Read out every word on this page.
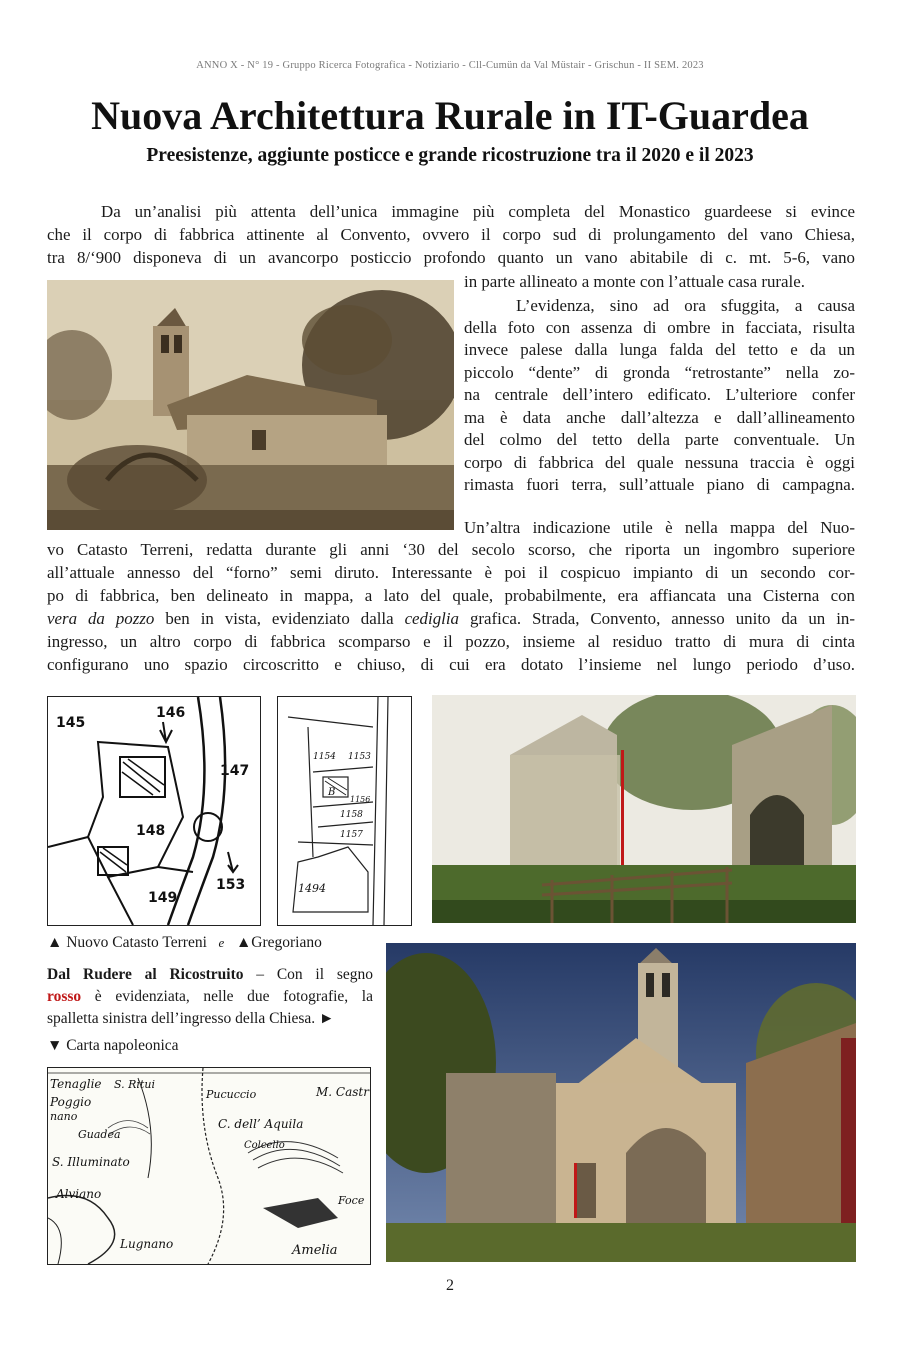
ANNO X - N° 19 - Gruppo Ricerca Fotografica - Notiziario - Cll-Cumün da Val Müstair - Grischun - II SEM. 2023
Nuova Architettura Rurale in IT-Guardea
Preesistenze, aggiunte posticce e grande ricostruzione tra il 2020 e il 2023
Da un’analisi più attenta dell’unica immagine più completa del Monastico guardeese si evince
che il corpo di fabbrica attinente al Convento, ovvero il corpo sud di prolungamento del vano Chiesa,
tra 8/‘900 disponeva di un avancorpo posticcio profondo quanto un vano abitabile di c. mt. 5-6, vano
in parte allineato a monte con l’attuale casa rurale.
L’evidenza, sino ad ora sfuggita, a causa
della foto con assenza di ombre in facciata, risulta
invece palese dalla lunga falda del tetto e da un
piccolo “dente” di gronda “retrostante” nella zo-
na centrale dell’intero edificato. L’ulteriore confer
ma è data anche dall’altezza e dall’allineamento
del colmo del tetto della parte conventuale. Un
corpo di fabbrica del quale nessuna traccia è oggi
rimasta fuori terra, sull’attuale piano di campagna.
Un’altra indicazione utile è nella mappa del Nuo-
vo Catasto Terreni, redatta durante gli anni ‘30 del secolo scorso, che riporta un ingombro superiore
all’attuale annesso del “forno” semi diruto. Interessante è poi il cospicuo impianto di un secondo cor-
po di fabbrica, ben delineato in mappa, a lato del quale, probabilmente, era affiancata una Cisterna con
vera da pozzo ben in vista, evidenziato dalla cediglia grafica. Strada, Convento, annesso unito da un in-
ingresso, un altro corpo di fabbrica scomparso e il pozzo, insieme al residuo tratto di mura di cinta
configurano uno spazio circoscritto e chiuso, di cui era dotato l’insieme nel lungo periodo d’uso.
145
146
147
148
149
153
1154 1153
1156
1158
1157
1494
B
▲ Nuovo Catasto Terreni e ▲Gregoriano
Dal Rudere al Ricostruito – Con il segno
rosso è evidenziata, nelle due fotografie, la
spalletta sinistra dell’ingresso della Chiesa. ►
▼ Carta napoleonica
Tenaglie S. Ritui
Pucuccio	M. Castr
Poggio
nano
C. dell’ Aquila
Guadea
Colcello
S. Illuminato
Alviano	Foce
Lugnano	Amelia
2
